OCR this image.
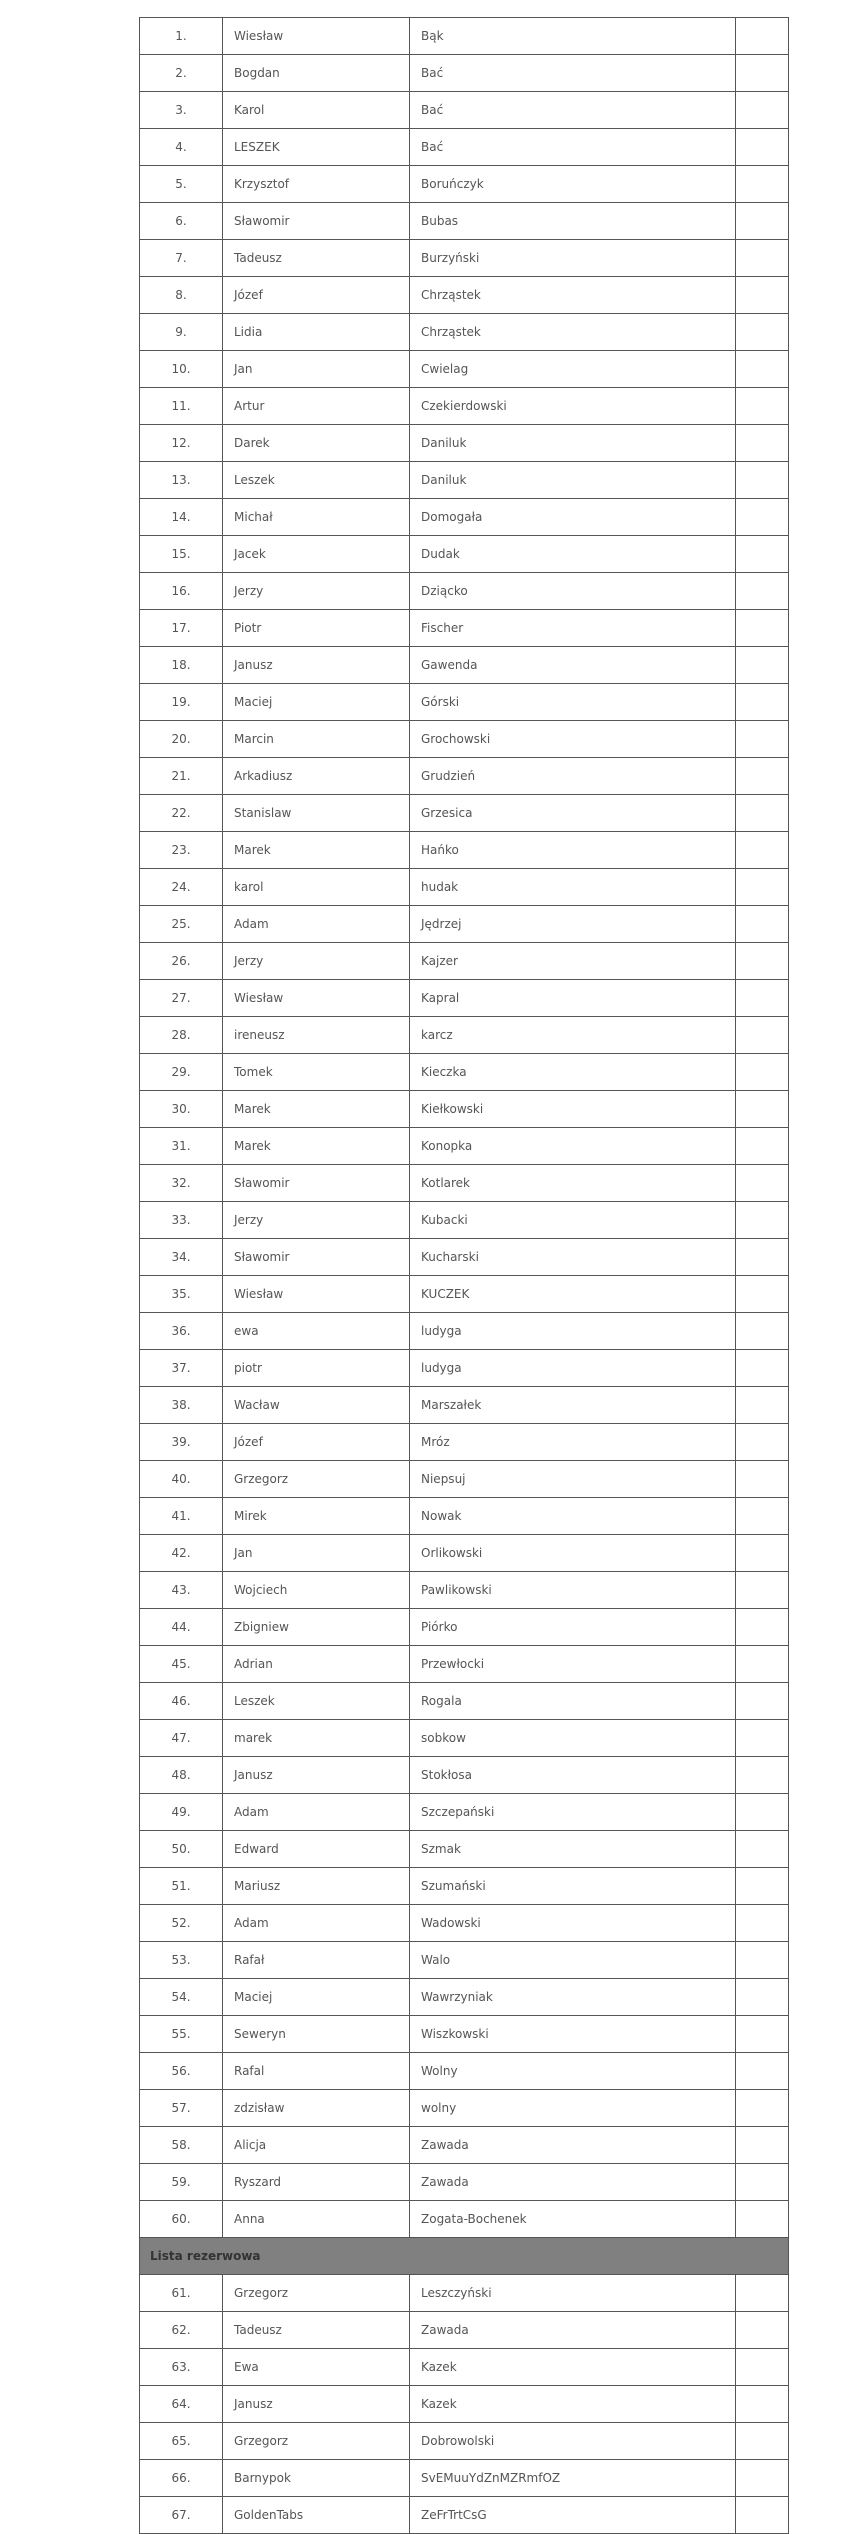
1.	Wiesław	Bąk	
2.	Bogdan	Bać	
3.	Karol	Bać	
4.	LESZEK	Bać	
5.	Krzysztof	Boruńczyk	
6.	Sławomir	Bubas	
7.	Tadeusz	Burzyński	
8.	Józef	Chrząstek	
9.	Lidia	Chrząstek	
10.	Jan	Cwielag	
11.	Artur	Czekierdowski	
12.	Darek	Daniluk	
13.	Leszek	Daniluk	
14.	Michał	Domogała	
15.	Jacek	Dudak	
16.	Jerzy	Dziącko	
17.	Piotr	Fischer	
18.	Janusz	Gawenda	
19.	Maciej	Górski	
20.	Marcin	Grochowski	
21.	Arkadiusz	Grudzień	
22.	Stanislaw	Grzesica	
23.	Marek	Hańko	
24.	karol	hudak	
25.	Adam	Jędrzej	
26.	Jerzy	Kajzer	
27.	Wiesław	Kapral	
28.	ireneusz	karcz	
29.	Tomek	Kieczka	
30.	Marek	Kiełkowski	
31.	Marek	Konopka	
32.	Sławomir	Kotlarek	
33.	Jerzy	Kubacki	
34.	Sławomir	Kucharski	
35.	Wiesław	KUCZEK	
36.	ewa	ludyga	
37.	piotr	ludyga	
38.	Wacław	Marszałek	
39.	Józef	Mróz	
40.	Grzegorz	Niepsuj	
41.	Mirek	Nowak	
42.	Jan	Orlikowski	
43.	Wojciech	Pawlikowski	
44.	Zbigniew	Piórko	
45.	Adrian	Przewłocki	
46.	Leszek	Rogala	
47.	marek	sobkow	
48.	Janusz	Stokłosa	
49.	Adam	Szczepański	
50.	Edward	Szmak	
51.	Mariusz	Szumański	
52.	Adam	Wadowski	
53.	Rafał	Walo	
54.	Maciej	Wawrzyniak	
55.	Seweryn	Wiszkowski	
56.	Rafal	Wolny	
57.	zdzisław	wolny	
58.	Alicja	Zawada	
59.	Ryszard	Zawada	
60.	Anna	Zogata-Bochenek	
Lista rezerwowa			
61.	Grzegorz	Leszczyński	
62.	Tadeusz	Zawada	
63.	Ewa	Kazek	
64.	Janusz	Kazek	
65.	Grzegorz	Dobrowolski	
66.	Barnypok	SvEMuuYdZnMZRmfOZ	
67.	GoldenTabs	ZeFrTrtCsG	
